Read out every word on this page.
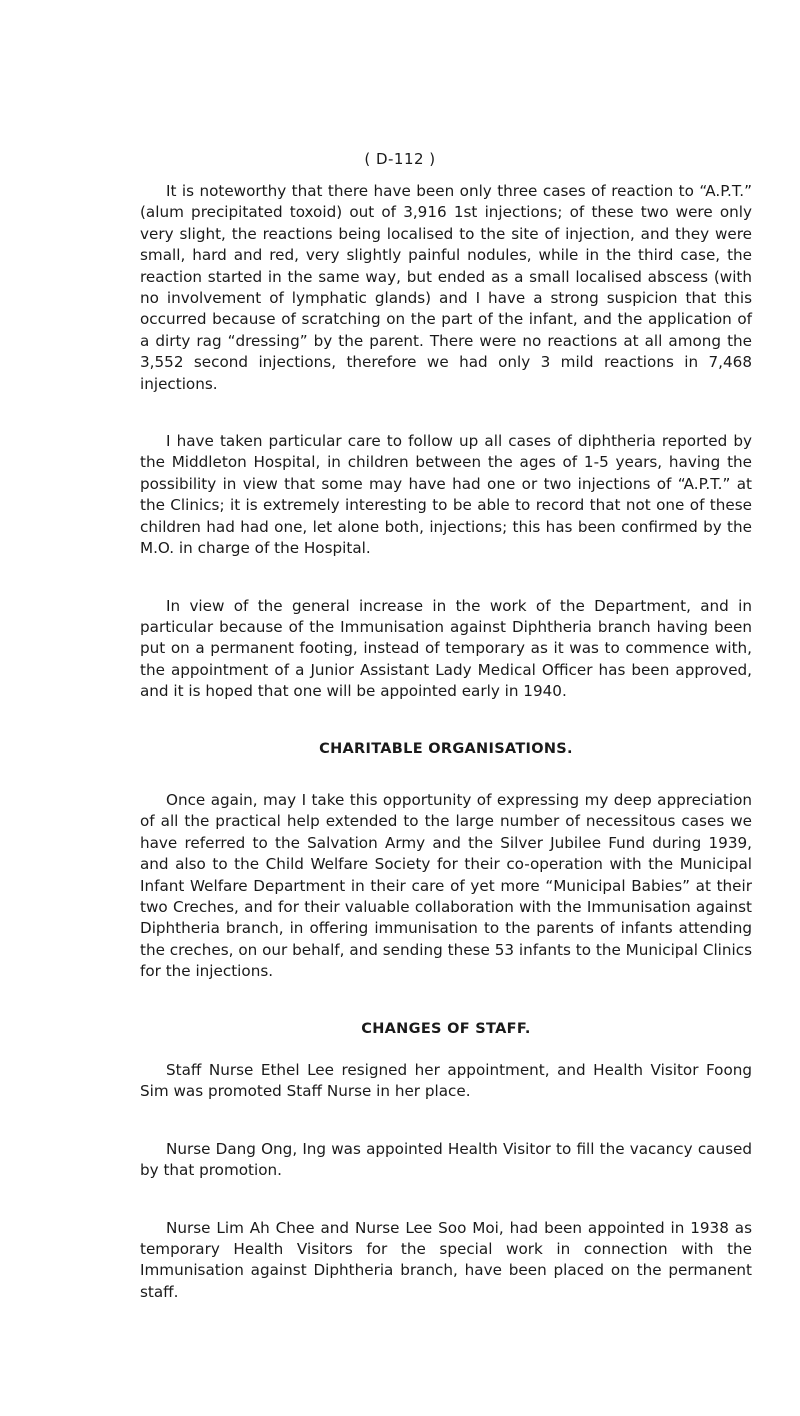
( D-112 )

It is noteworthy that there have been only three cases of reaction to “A.P.T.” (alum precipitated toxoid) out of 3,916 1st injections; of these two were only very slight, the reactions being localised to the site of injection, and they were small, hard and red, very slightly painful nodules, while in the third case, the reaction started in the same way, but ended as a small localised abscess (with no involvement of lymphatic glands) and I have a strong suspicion that this occurred because of scratching on the part of the infant, and the application of a dirty rag “dressing” by the parent. There were no reactions at all among the 3,552 second injections, therefore we had only 3 mild reactions in 7,468 injections.

I have taken particular care to follow up all cases of diphtheria reported by the Middleton Hospital, in children between the ages of 1-5 years, having the possibility in view that some may have had one or two injections of “A.P.T.” at the Clinics; it is extremely interesting to be able to record that not one of these children had had one, let alone both, injections; this has been confirmed by the M.O. in charge of the Hospital.

In view of the general increase in the work of the Department, and in particular because of the Immunisation against Diphtheria branch having been put on a permanent footing, instead of temporary as it was to commence with, the appointment of a Junior Assistant Lady Medical Officer has been approved, and it is hoped that one will be appointed early in 1940.

CHARITABLE ORGANISATIONS.

Once again, may I take this opportunity of expressing my deep appreciation of all the practical help extended to the large number of necessitous cases we have referred to the Salvation Army and the Silver Jubilee Fund during 1939, and also to the Child Welfare Society for their co-operation with the Municipal Infant Welfare Department in their care of yet more “Municipal Babies” at their two Creches, and for their valuable collaboration with the Immunisation against Diphtheria branch, in offering immunisation to the parents of infants attending the creches, on our behalf, and sending these 53 infants to the Municipal Clinics for the injections.

CHANGES OF STAFF.

Staff Nurse Ethel Lee resigned her appointment, and Health Visitor Foong Sim was promoted Staff Nurse in her place.

Nurse Dang Ong, Ing was appointed Health Visitor to fill the vacancy caused by that promotion.

Nurse Lim Ah Chee and Nurse Lee Soo Moi, had been appointed in 1938 as temporary Health Visitors for the special work in connection with the Immunisation against Diphtheria branch, have been placed on the permanent staff.
